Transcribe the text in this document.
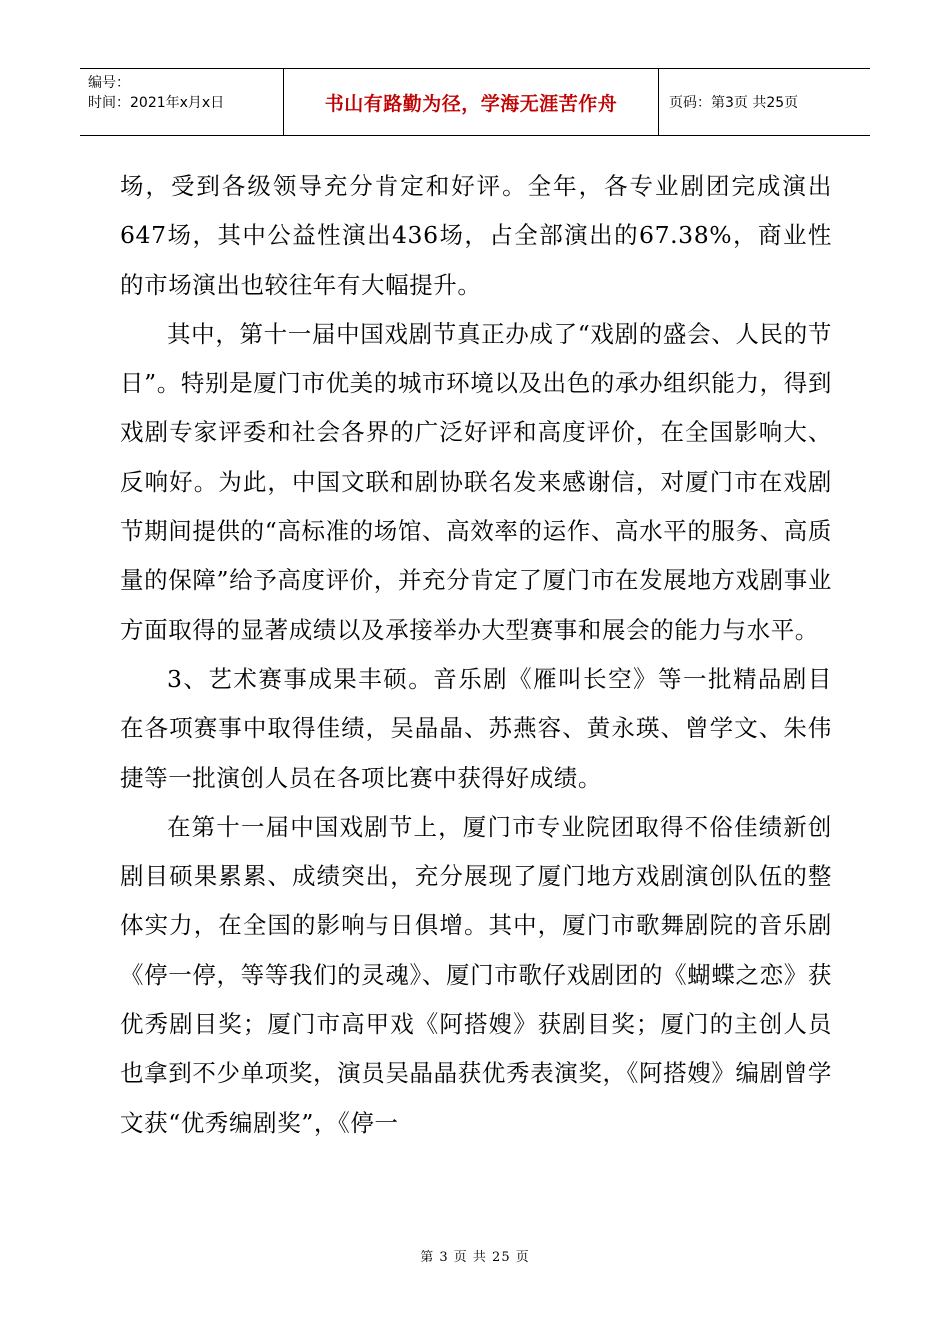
编号：
时间：2021年x月x日	书山有路勤为径，学海无涯苦作舟	页码：第3页 共25页

场，受到各级领导充分肯定和好评。全年，各专业剧团完成演出647场，其中公益性演出436场，占全部演出的67.38%，商业性的市场演出也较往年有大幅提升。

其中，第十一届中国戏剧节真正办成了“戏剧的盛会、人民的节日”。特别是厦门市优美的城市环境以及出色的承办组织能力，得到戏剧专家评委和社会各界的广泛好评和高度评价，在全国影响大、反响好。为此，中国文联和剧协联名发来感谢信，对厦门市在戏剧节期间提供的“高标准的场馆、高效率的运作、高水平的服务、高质量的保障”给予高度评价，并充分肯定了厦门市在发展地方戏剧事业方面取得的显著成绩以及承接举办大型赛事和展会的能力与水平。

3、艺术赛事成果丰硕。音乐剧《雁叫长空》等一批精品剧目在各项赛事中取得佳绩，吴晶晶、苏燕容、黄永瑛、曾学文、朱伟捷等一批演创人员在各项比赛中获得好成绩。

在第十一届中国戏剧节上，厦门市专业院团取得不俗佳绩新创剧目硕果累累、成绩突出，充分展现了厦门地方戏剧演创队伍的整体实力，在全国的影响与日俱增。其中，厦门市歌舞剧院的音乐剧《停一停，等等我们的灵魂》、厦门市歌仔戏剧团的《蝴蝶之恋》获优秀剧目奖；厦门市高甲戏《阿搭嫂》获剧目奖；厦门的主创人员也拿到不少单项奖，演员吴晶晶获优秀表演奖，《阿搭嫂》编剧曾学文获“优秀编剧奖”，《停一

第 3 页 共 25 页
